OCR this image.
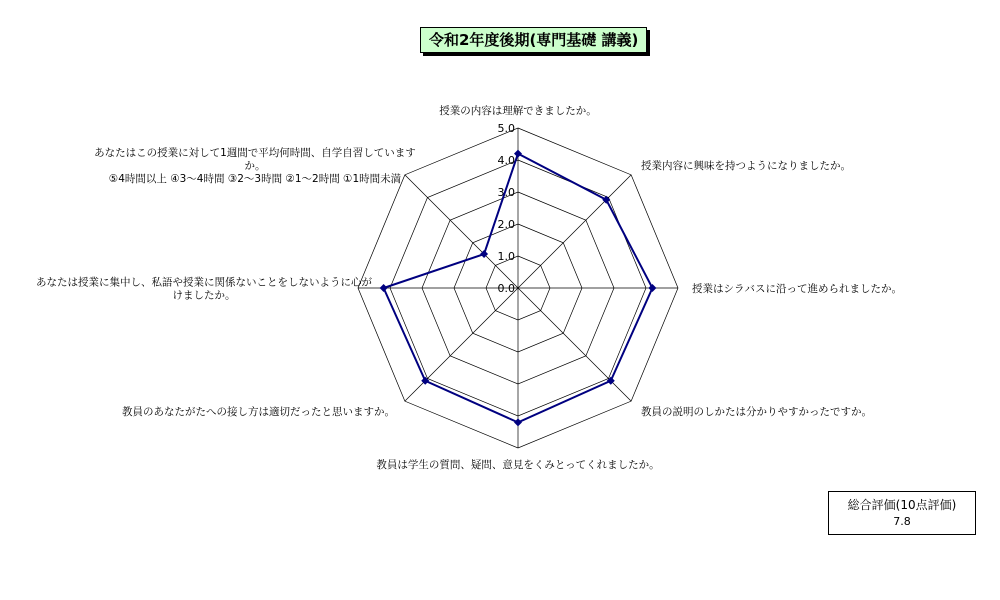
令和2年度後期(専門基礎 講義)
0.0
1.0
2.0
3.0
4.0
5.0
授業の内容は理解できましたか。
授業内容に興味を持つようになりましたか。
授業はシラバスに沿って進められましたか。
教員の説明のしかたは分かりやすかったですか。
教員は学生の質問、疑問、意見をくみとってくれましたか。
教員のあなたがたへの接し方は適切だったと思いますか。
あなたは授業に集中し、私語や授業に関係ないことをしないように心が
けましたか。
あなたはこの授業に対して1週間で平均何時間、自学自習しています
か。
⑤4時間以上 ④3～4時間 ③2～3時間 ②1～2時間 ①1時間未満
総合評価(10点評価)
7.8
